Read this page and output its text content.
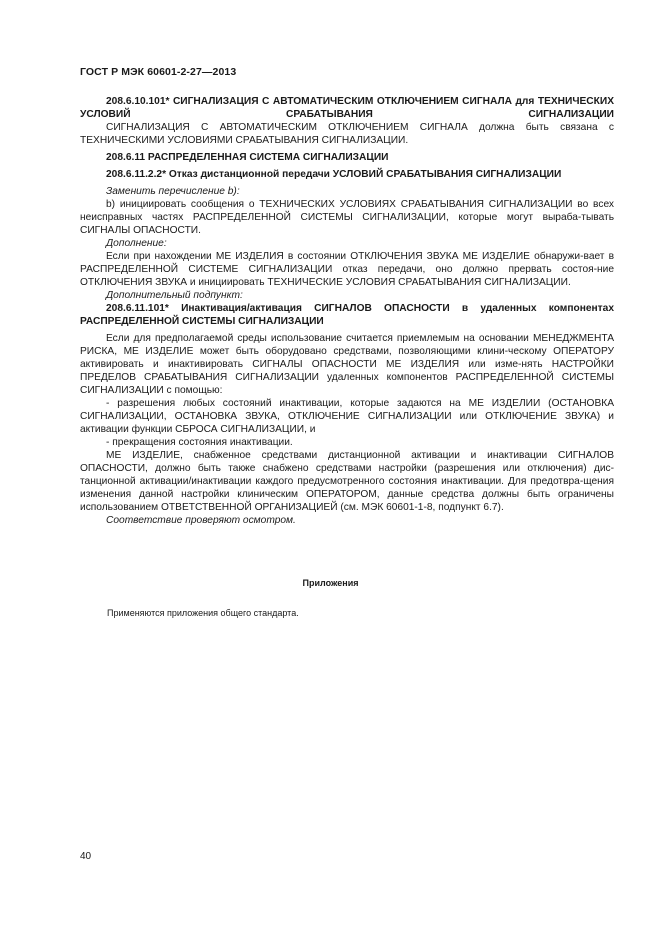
ГОСТ Р МЭК 60601-2-27—2013

208.6.10.101* СИГНАЛИЗАЦИЯ С АВТОМАТИЧЕСКИМ ОТКЛЮЧЕНИЕМ СИГНАЛА для ТЕХНИЧЕСКИХ УСЛОВИЙ СРАБАТЫВАНИЯ СИГНАЛИЗАЦИИ

СИГНАЛИЗАЦИЯ С АВТОМАТИЧЕСКИМ ОТКЛЮЧЕНИЕМ СИГНАЛА должна быть связана с ТЕХНИЧЕСКИМИ УСЛОВИЯМИ СРАБАТЫВАНИЯ СИГНАЛИЗАЦИИ.

208.6.11 РАСПРЕДЕЛЕННАЯ СИСТЕМА СИГНАЛИЗАЦИИ

208.6.11.2.2* Отказ дистанционной передачи УСЛОВИЙ СРАБАТЫВАНИЯ СИГНАЛИЗАЦИИ

Заменить перечисление b):

b) инициировать сообщения о ТЕХНИЧЕСКИХ УСЛОВИЯХ СРАБАТЫВАНИЯ СИГНАЛИЗАЦИИ во всех неисправных частях РАСПРЕДЕЛЕННОЙ СИСТЕМЫ СИГНАЛИЗАЦИИ, которые могут выраба-тывать СИГНАЛЫ ОПАСНОСТИ.

Дополнение:

Если при нахождении МЕ ИЗДЕЛИЯ в состоянии ОТКЛЮЧЕНИЯ ЗВУКА МЕ ИЗДЕЛИЕ обнаружи-вает в РАСПРЕДЕЛЕННОЙ СИСТЕМЕ СИГНАЛИЗАЦИИ отказ передачи, оно должно прервать состоя-ние ОТКЛЮЧЕНИЯ ЗВУКА и инициировать ТЕХНИЧЕСКИЕ УСЛОВИЯ СРАБАТЫВАНИЯ СИГНАЛИЗАЦИИ.

Дополнительный подпункт:

208.6.11.101* Инактивация/активация СИГНАЛОВ ОПАСНОСТИ в удаленных компонентах РАСПРЕДЕЛЕННОЙ СИСТЕМЫ СИГНАЛИЗАЦИИ

Если для предполагаемой среды использование считается приемлемым на основании МЕНЕДЖМЕНТА РИСКА, МЕ ИЗДЕЛИЕ может быть оборудовано средствами, позволяющими клини-ческому ОПЕРАТОРУ активировать и инактивировать СИГНАЛЫ ОПАСНОСТИ МЕ ИЗДЕЛИЯ или изме-нять НАСТРОЙКИ ПРЕДЕЛОВ СРАБАТЫВАНИЯ СИГНАЛИЗАЦИИ удаленных компонентов РАСПРЕДЕЛЕННОЙ СИСТЕМЫ СИГНАЛИЗАЦИИ с помощью:

- разрешения любых состояний инактивации, которые задаются на МЕ ИЗДЕЛИИ (ОСТАНОВКА СИГНАЛИЗАЦИИ, ОСТАНОВКА ЗВУКА, ОТКЛЮЧЕНИЕ СИГНАЛИЗАЦИИ или ОТКЛЮЧЕНИЕ ЗВУКА) и активации функции СБРОСА СИГНАЛИЗАЦИИ, и

- прекращения состояния инактивации.

МЕ ИЗДЕЛИЕ, снабженное средствами дистанционной активации и инактивации СИГНАЛОВ ОПАСНОСТИ, должно быть также снабжено средствами настройки (разрешения или отключения) дис-танционной активации/инактивации каждого предусмотренного состояния инактивации. Для предотвра-щения изменения данной настройки клиническим ОПЕРАТОРОМ, данные средства должны быть ограничены использованием ОТВЕТСТВЕННОЙ ОРГАНИЗАЦИЕЙ (см. МЭК 60601-1-8, подпункт 6.7).

Соответствие проверяют осмотром.

Приложения
Применяются приложения общего стандарта.
40
